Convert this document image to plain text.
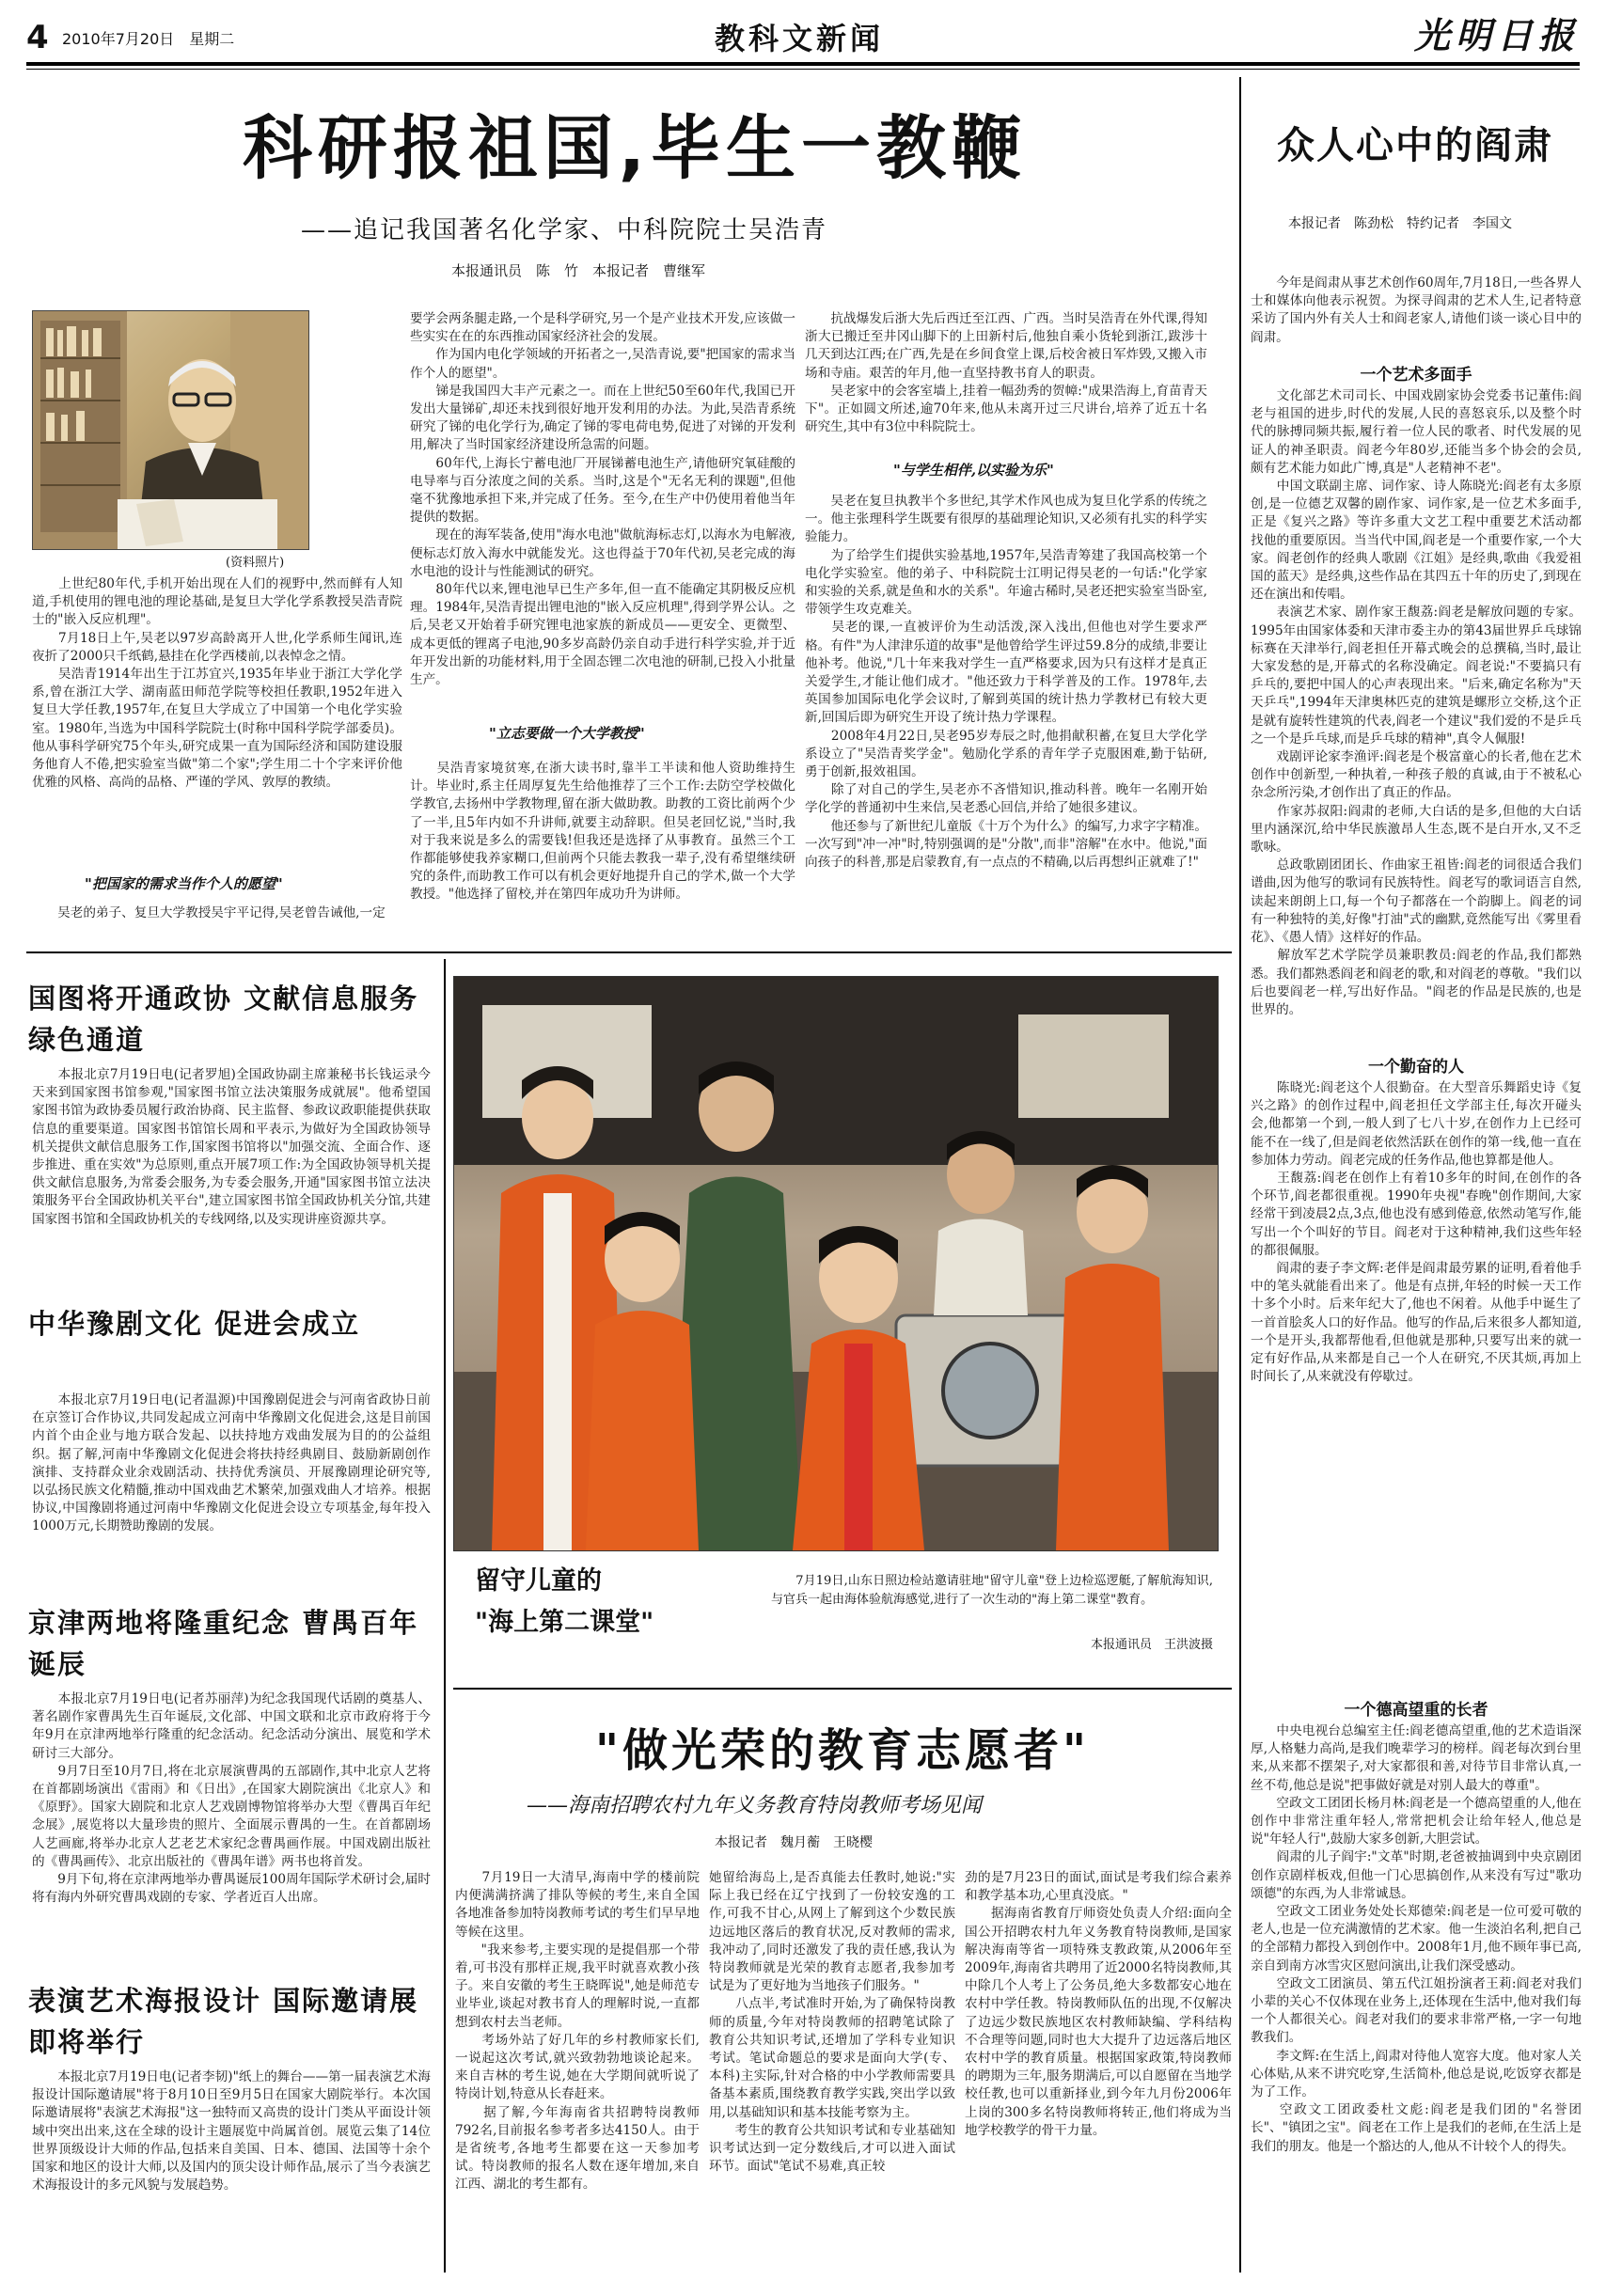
4 2010年7月20日　星期二	教科文新闻	光明日报
科研报祖国,毕生一教鞭
——追记我国著名化学家、中科院院士吴浩青
本报通讯员　陈　竹　本报记者　曹继军
(资料照片)
　　上世纪80年代,手机开始出现在人们的视野中,然而鲜有人知道,手机使用的锂电池的理论基础,是复旦大学化学系教授吴浩青院士的"嵌入反应机理"。
　　7月18日上午,吴老以97岁高龄离开人世,化学系师生闻讯,连夜折了2000只千纸鹤,悬挂在化学西楼前,以表悼念之情。
　　吴浩青1914年出生于江苏宜兴,1935年毕业于浙江大学化学系,曾在浙江大学、湖南蓝田师范学院等校担任教职,1952年进入复旦大学任教,1957年,在复旦大学成立了中国第一个电化学实验室。1980年,当选为中国科学院院士(时称中国科学院学部委员)。他从事科学研究75个年头,研究成果一直为国际经济和国防建设服务他育人不倦,把实验室当做"第二个家";学生用二十个字来评价他优雅的风格、高尚的品格、严谨的学风、敦厚的教绩。
"把国家的需求当作个人的愿望"
　　吴老的弟子、复旦大学教授吴宇平记得,吴老曾告诫他,一定
要学会两条腿走路,一个是科学研究,另一个是产业技术开发,应该做一些实实在在的东西推动国家经济社会的发展。
　　作为国内电化学领域的开拓者之一,吴浩青说,要"把国家的需求当作个人的愿望"。
　　锑是我国四大丰产元素之一。而在上世纪50至60年代,我国已开发出大量锑矿,却还未找到很好地开发利用的办法。为此,吴浩青系统研究了锑的电化学行为,确定了锑的零电荷电势,促进了对锑的开发利用,解决了当时国家经济建设所急需的问题。
　　60年代,上海长宁蓄电池厂开展锑蓄电池生产,请他研究氧硅酸的电导率与百分浓度之间的关系。当时,这是个"无名无利的课题",但他毫不犹豫地承担下来,并完成了任务。至今,在生产中仍使用着他当年提供的数据。
　　现在的海军装备,使用"海水电池"做航海标志灯,以海水为电解液,便标志灯放入海水中就能发光。这也得益于70年代初,吴老完成的海水电池的设计与性能测试的研究。
　　80年代以来,锂电池早已生产多年,但一直不能确定其阴极反应机理。1984年,吴浩青提出锂电池的"嵌入反应机理",得到学界公认。之后,吴老又开始着手研究锂电池家族的新成员——更安全、更微型、成本更低的锂离子电池,90多岁高龄仍亲自动手进行科学实验,并于近年开发出新的功能材料,用于全固态锂二次电池的研制,已投入小批量生产。
"立志要做一个大学教授"
　　吴浩青家境贫寒,在浙大读书时,靠半工半读和他人资助维持生计。毕业时,系主任周厚复先生给他推荐了三个工作:去防空学校做化学教官,去扬州中学教物理,留在浙大做助教。助教的工资比前两个少了一半,且5年内如不升讲师,就要主动辞职。但吴老回忆说,"当时,我对于我来说是多么的需要钱!但我还是选择了从事教育。虽然三个工作都能够使我养家糊口,但前两个只能去教我一辈子,没有希望继续研究的条件,而助教工作可以有机会更好地提升自己的学术,做一个大学教授。"他选择了留校,并在第四年成功升为讲师。
　　抗战爆发后浙大先后西迁至江西、广西。当时吴浩青在外代课,得知浙大已搬迁至井冈山脚下的上田新村后,他独自乘小货轮到浙江,跋涉十几天到达江西;在广西,先是在乡间食堂上课,后校舍被日军炸毁,又搬入市场和寺庙。艰苦的年月,他一直坚持教书育人的职责。
　　吴老家中的会客室墙上,挂着一幅劲秀的贺幛:"成果浩海上,育苗青天下"。正如圆文所述,逾70年来,他从未离开过三尺讲台,培养了近五十名研究生,其中有3位中科院院士。
"与学生相伴,以实验为乐"
　　吴老在复旦执教半个多世纪,其学术作风也成为复旦化学系的传统之一。他主张理科学生既要有很厚的基础理论知识,又必须有扎实的科学实验能力。
　　为了给学生们提供实验基地,1957年,吴浩青筹建了我国高校第一个电化学实验室。他的弟子、中科院院士江明记得吴老的一句话:"化学家和实验的关系,就是鱼和水的关系"。年逾古稀时,吴老还把实验室当卧室,带领学生攻克难关。
　　吴老的课,一直被评价为生动活泼,深入浅出,但他也对学生要求严格。有件"为人津津乐道的故事"是他曾给学生评过59.8分的成绩,非要让他补考。他说,"几十年来我对学生一直严格要求,因为只有这样才是真正关爱学生,才能让他们成才。"他还致力于科学普及的工作。1978年,去英国参加国际电化学会议时,了解到英国的统计热力学教材已有较大更新,回国后即为研究生开设了统计热力学课程。
　　2008年4月22日,吴老95岁寿辰之时,他捐献积蓄,在复旦大学化学系设立了"吴浩青奖学金"。勉励化学系的青年学子克服困难,勤于钻研,勇于创新,报效祖国。
　　除了对自己的学生,吴老亦不吝惜知识,推动科普。晚年一名刚开始学化学的普通初中生来信,吴老悉心回信,并给了她很多建议。
　　他还参与了新世纪儿童版《十万个为什么》的编写,力求字字精准。一次写到"冲一冲"时,特别强调的是"分散",而非"溶解"在水中。他说,"面向孩子的科普,那是启蒙教育,有一点点的不精确,以后再想纠正就难了!"
众人心中的阎肃
本报记者　陈劲松　特约记者　李国文
　　今年是阎肃从事艺术创作60周年,7月18日,一些各界人士和媒体向他表示祝贺。为探寻阎肃的艺术人生,记者特意采访了国内外有关人士和阎老家人,请他们谈一谈心目中的阎肃。
一个艺术多面手
　　文化部艺术司司长、中国戏剧家协会党委书记董伟:阎老与祖国的进步,时代的发展,人民的喜怒哀乐,以及整个时代的脉搏同频共振,履行着一位人民的歌者、时代发展的见证人的神圣职责。阎老今年80岁,还能当多个协会的会员,颇有艺术能力如此广博,真是"人老精神不老"。
　　中国文联副主席、词作家、诗人陈晓光:阎老有太多原创,是一位德艺双馨的剧作家、词作家,是一位艺术多面手,正是《复兴之路》等许多重大文艺工程中重要艺术活动都找他的重要原因。当当代中国,阎老是一个重要作家,一个大家。阎老创作的经典人歌剧《江姐》是经典,歌曲《我爱祖国的蓝天》是经典,这些作品在其四五十年的历史了,到现在还在演出和传唱。
　　表演艺术家、剧作家王馥荔:阎老是解放问题的专家。1995年由国家体委和天津市委主办的第43届世界乒乓球锦标赛在天津举行,阎老担任开幕式晚会的总撰稿,当时,最让大家发愁的是,开幕式的名称没确定。阎老说:"不要搞只有乒乓的,要把中国人的心声表现出来。"后来,确定名称为"天天乒乓",1994年天津奥林匹克的建筑是螺形立交桥,这个正是就有旋转性建筑的代表,阎老一个建议"我们爱的不是乒乓之一个是乒乓球,而是乒乓球的精神",真令人佩服!
　　戏剧评论家李渔评:阎老是个极富童心的长者,他在艺术创作中创新型,一种执着,一种孩子般的真诚,由于不被私心杂念所污染,才创作出了真正的作品。
　　作家苏叔阳:阎肃的老师,大白话的是多,但他的大白话里内涵深沉,给中华民族激昂人生态,既不是白开水,又不乏歌咏。
　　总政歌剧团团长、作曲家王祖皆:阎老的词很适合我们谱曲,因为他写的歌词有民族特性。阎老写的歌词语言自然,读起来朗朗上口,每一个句子都落在一个韵脚上。阎老的词有一种独特的美,好像"打油"式的幽默,竟然能写出《雾里看花》、《愚人情》这样好的作品。
　　解放军艺术学院学员兼职教员:阎老的作品,我们都熟悉。我们都熟悉阎老和阎老的歌,和对阎老的尊敬。"我们以后也要阎老一样,写出好作品。"阎老的作品是民族的,也是世界的。
一个勤奋的人
　　陈晓光:阎老这个人很勤奋。在大型音乐舞蹈史诗《复兴之路》的创作过程中,阎老担任文学部主任,每次开碰头会,他都第一个到,一般人到了七八十岁,在创作力上已经可能不在一线了,但是阎老依然活跃在创作的第一线,他一直在参加体力劳动。阎老完成的任务作品,他也算都是他人。
　　王馥荔:阎老在创作上有着10多年的时间,在创作的各个环节,阎老都很重视。1990年央视"春晚"创作期间,大家经常干到凌晨2点,3点,他也没有感到倦意,依然动笔写作,能写出一个个叫好的节目。阎老对于这种精神,我们这些年轻的都很佩服。
　　阎肃的妻子李文辉:老伴是阎肃最劳累的证明,看着他手中的笔头就能看出来了。他是有点拼,年轻的时候一天工作十多个小时。后来年纪大了,他也不闲着。从他手中诞生了一首首脍炙人口的好作品。他写的作品,后来很多人都知道,一个是开头,我都帮他看,但他就是那种,只要写出来的就一定有好作品,从来都是自己一个人在研究,不厌其烦,再加上时间长了,从来就没有停歇过。
一个德高望重的长者
　　中央电视台总编室主任:阎老德高望重,他的艺术造诣深厚,人格魅力高尚,是我们晚辈学习的榜样。阎老每次到台里来,从来都不摆架子,对大家都很和善,对待节目非常认真,一丝不苟,他总是说"把事做好就是对别人最大的尊重"。
　　空政文工团团长杨月林:阎老是一个德高望重的人,他在创作中非常注重年轻人,常常把机会让给年轻人,他总是说"年轻人行",鼓励大家多创新,大胆尝试。
　　阎肃的儿子阎宇:"文革"时期,老爸被抽调到中央京剧团创作京剧样板戏,但他一门心思搞创作,从来没有写过"歌功颂德"的东西,为人非常诚恳。
　　空政文工团业务处处长郑德荣:阎老是一位可爱可敬的老人,也是一位充满激情的艺术家。他一生淡泊名利,把自己的全部精力都投入到创作中。2008年1月,他不顾年事已高,亲自到南方冰雪灾区慰问演出,让我们深受感动。
　　空政文工团演员、第五代江姐扮演者王莉:阎老对我们小辈的关心不仅体现在业务上,还体现在生活中,他对我们每一个人都很关心。阎老对我们的要求非常严格,一字一句地教我们。
　　李文辉:在生活上,阎肃对待他人宽容大度。他对家人关心体贴,从来不讲究吃穿,生活简朴,他总是说,吃饭穿衣都是为了工作。
　　空政文工团政委杜文彪:阎老是我们团的"名誉团长"、"镇团之宝"。阎老在工作上是我们的老师,在生活上是我们的朋友。他是一个豁达的人,他从不计较个人的得失。
国图将开通政协 文献信息服务绿色通道
　　本报北京7月19日电(记者罗旭)全国政协副主席兼秘书长钱运录今天来到国家图书馆参观,"国家图书馆立法决策服务成就展"。他希望国家图书馆为政协委员履行政治协商、民主监督、参政议政职能提供获取信息的重要渠道。国家图书馆馆长周和平表示,为做好为全国政协领导机关提供文献信息服务工作,国家图书馆将以"加强交流、全面合作、逐步推进、重在实效"为总原则,重点开展7项工作:为全国政协领导机关提供文献信息服务,为常委会服务,为专委会服务,开通"国家图书馆立法决策服务平台全国政协机关平台",建立国家图书馆全国政协机关分馆,共建国家图书馆和全国政协机关的专线网络,以及实现讲座资源共享。
中华豫剧文化 促进会成立
　　本报北京7月19日电(记者温源)中国豫剧促进会与河南省政协日前在京签订合作协议,共同发起成立河南中华豫剧文化促进会,这是目前国内首个由企业与地方联合发起、以扶持地方戏曲发展为目的的公益组织。据了解,河南中华豫剧文化促进会将扶持经典剧目、鼓励新剧创作演排、支持群众业余戏剧活动、扶持优秀演员、开展豫剧理论研究等,以弘扬民族文化精髓,推动中国戏曲艺术繁荣,加强戏曲人才培养。根据协议,中国豫剧将通过河南中华豫剧文化促进会设立专项基金,每年投入1000万元,长期赞助豫剧的发展。
京津两地将隆重纪念 曹禺百年诞辰
　　本报北京7月19日电(记者苏丽萍)为纪念我国现代话剧的奠基人、著名剧作家曹禺先生百年诞辰,文化部、中国文联和北京市政府将于今年9月在京津两地举行隆重的纪念活动。纪念活动分演出、展览和学术研讨三大部分。
　　9月7日至10月7日,将在北京展演曹禺的五部剧作,其中北京人艺将在首都剧场演出《雷雨》和《日出》,在国家大剧院演出《北京人》和《原野》。国家大剧院和北京人艺戏剧博物馆将举办大型《曹禺百年纪念展》,展览将以大量珍贵的照片、全面展示曹禺的一生。在首都剧场人艺画廊,将举办北京人艺老艺术家纪念曹禺画作展。中国戏剧出版社的《曹禺画传》、北京出版社的《曹禺年谱》两书也将首发。
　　9月下旬,将在京津两地举办曹禺诞辰100周年国际学术研讨会,届时将有海内外研究曹禺戏剧的专家、学者近百人出席。
表演艺术海报设计 国际邀请展即将举行
　　本报北京7月19日电(记者李韧)"纸上的舞台——第一届表演艺术海报设计国际邀请展"将于8月10日至9月5日在国家大剧院举行。本次国际邀请展将"表演艺术海报"这一独特而又高贵的设计门类从平面设计领域中突出出来,这在全球的设计主题展览中尚属首创。展览云集了14位世界顶级设计大师的作品,包括来自美国、日本、德国、法国等十余个国家和地区的设计大师,以及国内的顶尖设计师作品,展示了当今表演艺术海报设计的多元风貌与发展趋势。
留守儿童的
"海上第二课堂"
　　7月19日,山东日照边检站邀请驻地"留守儿童"登上边检巡逻艇,了解航海知识,与官兵一起由海体验航海感觉,进行了一次生动的"海上第二课堂"教育。
本报通讯员　王洪波摄
"做光荣的教育志愿者"
——海南招聘农村九年义务教育特岗教师考场见闻
本报记者　魏月蘅　王晓樱
　　7月19日一大清早,海南中学的楼前院内便满满挤满了排队等候的考生,来自全国各地准备参加特岗教师考试的考生们早早地等候在这里。
　　"我来参考,主要实现的是提倡那一个带着,可书没有那样正规,我平时就喜欢教小孩子。来自安徽的考生王晓晖说",她是师范专业毕业,谈起对教书育人的理解时说,一直都想到农村去当老师。
　　考场外站了好几年的乡村教师家长们,一说起这次考试,就兴致勃勃地谈论起来。来自吉林的考生说,她在大学期间就听说了特岗计划,特意从长春赶来。
　　据了解,今年海南省共招聘特岗教师792名,目前报名参考者多达4150人。由于是省统考,各地考生都要在这一天参加考试。特岗教师的报名人数在逐年增加,来自江西、湖北的考生都有。
她留给海岛上,是否真能去任教时,她说:"实际上我已经在辽宁找到了一份较安逸的工作,可我不甘心,从网上了解到这个少数民族边远地区落后的教育状况,反对教师的需求,我冲动了,同时还激发了我的责任感,我认为特岗教师就是光荣的教育志愿者,我参加考试是为了更好地为当地孩子们服务。"
　　八点半,考试准时开始,为了确保特岗教师的质量,今年对特岗教师的招聘笔试除了教育公共知识考试,还增加了学科专业知识考试。笔试命题总的要求是面向大学(专、本科)主实际,针对合格的中小学教师需要具备基本素质,围绕教育教学实践,突出学以致用,以基础知识和基本技能考察为主。
　　考生的教育公共知识考试和专业基础知识考试达到一定分数线后,才可以进入面试环节。面试"笔试不易难,真正较
劲的是7月23日的面试,面试是考我们综合素养和教学基本功,心里真没底。"
　　据海南省教育厅师资处负责人介绍:面向全国公开招聘农村九年义务教育特岗教师,是国家解决海南等省一项特殊支教政策,从2006年至2009年,海南省共聘用了近2000名特岗教师,其中除几个人考上了公务员,绝大多数都安心地在农村中学任教。特岗教师队伍的出现,不仅解决了边远少数民族地区农村教师缺编、学科结构不合理等问题,同时也大大提升了边远落后地区农村中学的教育质量。根据国家政策,特岗教师的聘期为三年,服务期满后,可以自愿留在当地学校任教,也可以重新择业,到今年九月份2006年上岗的300多名特岗教师将转正,他们将成为当地学校教学的骨干力量。
